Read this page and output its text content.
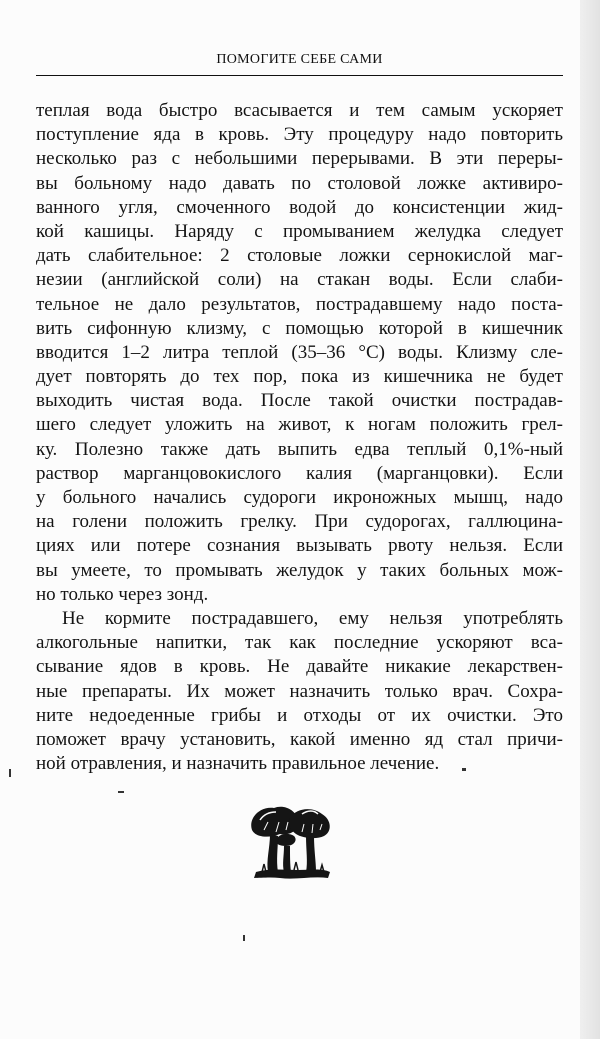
ПОМОГИТЕ СЕБЕ САМИ
теплая вода быстро всасывается и тем самым ускоряет
поступление яда в кровь. Эту процедуру надо повторить
несколько раз с небольшими перерывами. В эти переры-
вы больному надо давать по столовой ложке активиро-
ванного угля, смоченного водой до консистенции жид-
кой кашицы. Наряду с промыванием желудка следует
дать слабительное: 2 столовые ложки сернокислой маг-
незии (английской соли) на стакан воды. Если слаби-
тельное не дало результатов, пострадавшему надо поста-
вить сифонную клизму, с помощью которой в кишечник
вводится 1–2 литра теплой (35–36 °С) воды. Клизму сле-
дует повторять до тех пор, пока из кишечника не будет
выходить чистая вода. После такой очистки пострадав-
шего следует уложить на живот, к ногам положить грел-
ку. Полезно также дать выпить едва теплый 0,1%-ный
раствор марганцовокислого калия (марганцовки). Если
у больного начались судороги икроножных мышц, надо
на голени положить грелку. При судорогах, галлюцина-
циях или потере сознания вызывать рвоту нельзя. Если
вы умеете, то промывать желудок у таких больных мож-
но только через зонд.
Не кормите пострадавшего, ему нельзя употреблять
алкогольные напитки, так как последние ускоряют вса-
сывание ядов в кровь. Не давайте никакие лекарствен-
ные препараты. Их может назначить только врач. Сохра-
ните недоеденные грибы и отходы от их очистки. Это
поможет врачу установить, какой именно яд стал причи-
ной отравления, и назначить правильное лечение.
